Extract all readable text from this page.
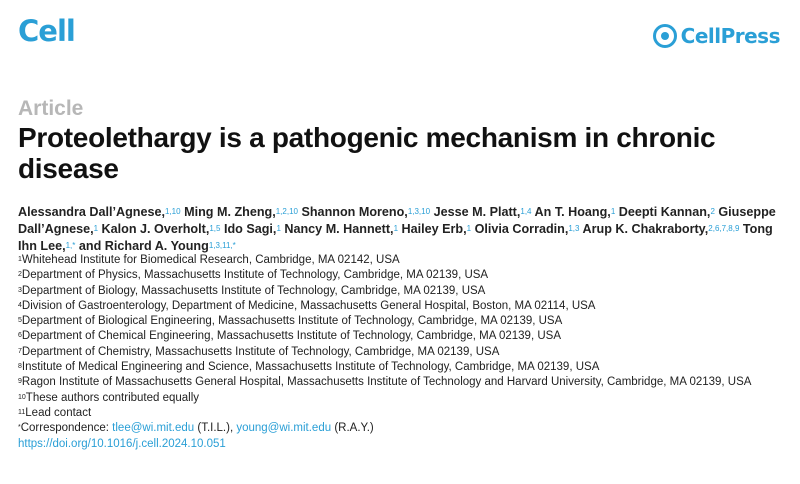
Cell	CellPress
Article
Proteolethargy is a pathogenic mechanism in chronic disease
Alessandra Dall’Agnese,$^{1,10}$ Ming M. Zheng,$^{1,2,10}$ Shannon Moreno,$^{1,3,10}$ Jesse M. Platt,$^{1,4}$ An T. Hoang,$^1$ Deepti Kannan,$^2$ Giuseppe Dall’Agnese,$^1$ Kalon J. Overholt,$^{1,5}$ Ido Sagi,$^1$ Nancy M. Hannett,$^1$ Hailey Erb,$^1$ Olivia Corradin,$^{1,3}$ Arup K. Chakraborty,$^{2,6,7,8,9}$ Tong Ihn Lee,$^{1,*}$ and Richard A. Young$^{1,3,11,*}$
$^1$Whitehead Institute for Biomedical Research, Cambridge, MA 02142, USA
$^2$Department of Physics, Massachusetts Institute of Technology, Cambridge, MA 02139, USA
$^3$Department of Biology, Massachusetts Institute of Technology, Cambridge, MA 02139, USA
$^4$Division of Gastroenterology, Department of Medicine, Massachusetts General Hospital, Boston, MA 02114, USA
$^5$Department of Biological Engineering, Massachusetts Institute of Technology, Cambridge, MA 02139, USA
$^6$Department of Chemical Engineering, Massachusetts Institute of Technology, Cambridge, MA 02139, USA
$^7$Department of Chemistry, Massachusetts Institute of Technology, Cambridge, MA 02139, USA
$^8$Institute of Medical Engineering and Science, Massachusetts Institute of Technology, Cambridge, MA 02139, USA
$^9$Ragon Institute of Massachusetts General Hospital, Massachusetts Institute of Technology and Harvard University, Cambridge, MA 02139, USA
$^{10}$These authors contributed equally
$^{11}$Lead contact
*Correspondence: tlee@wi.mit.edu (T.I.L.), young@wi.mit.edu (R.A.Y.)
https://doi.org/10.1016/j.cell.2024.10.051
